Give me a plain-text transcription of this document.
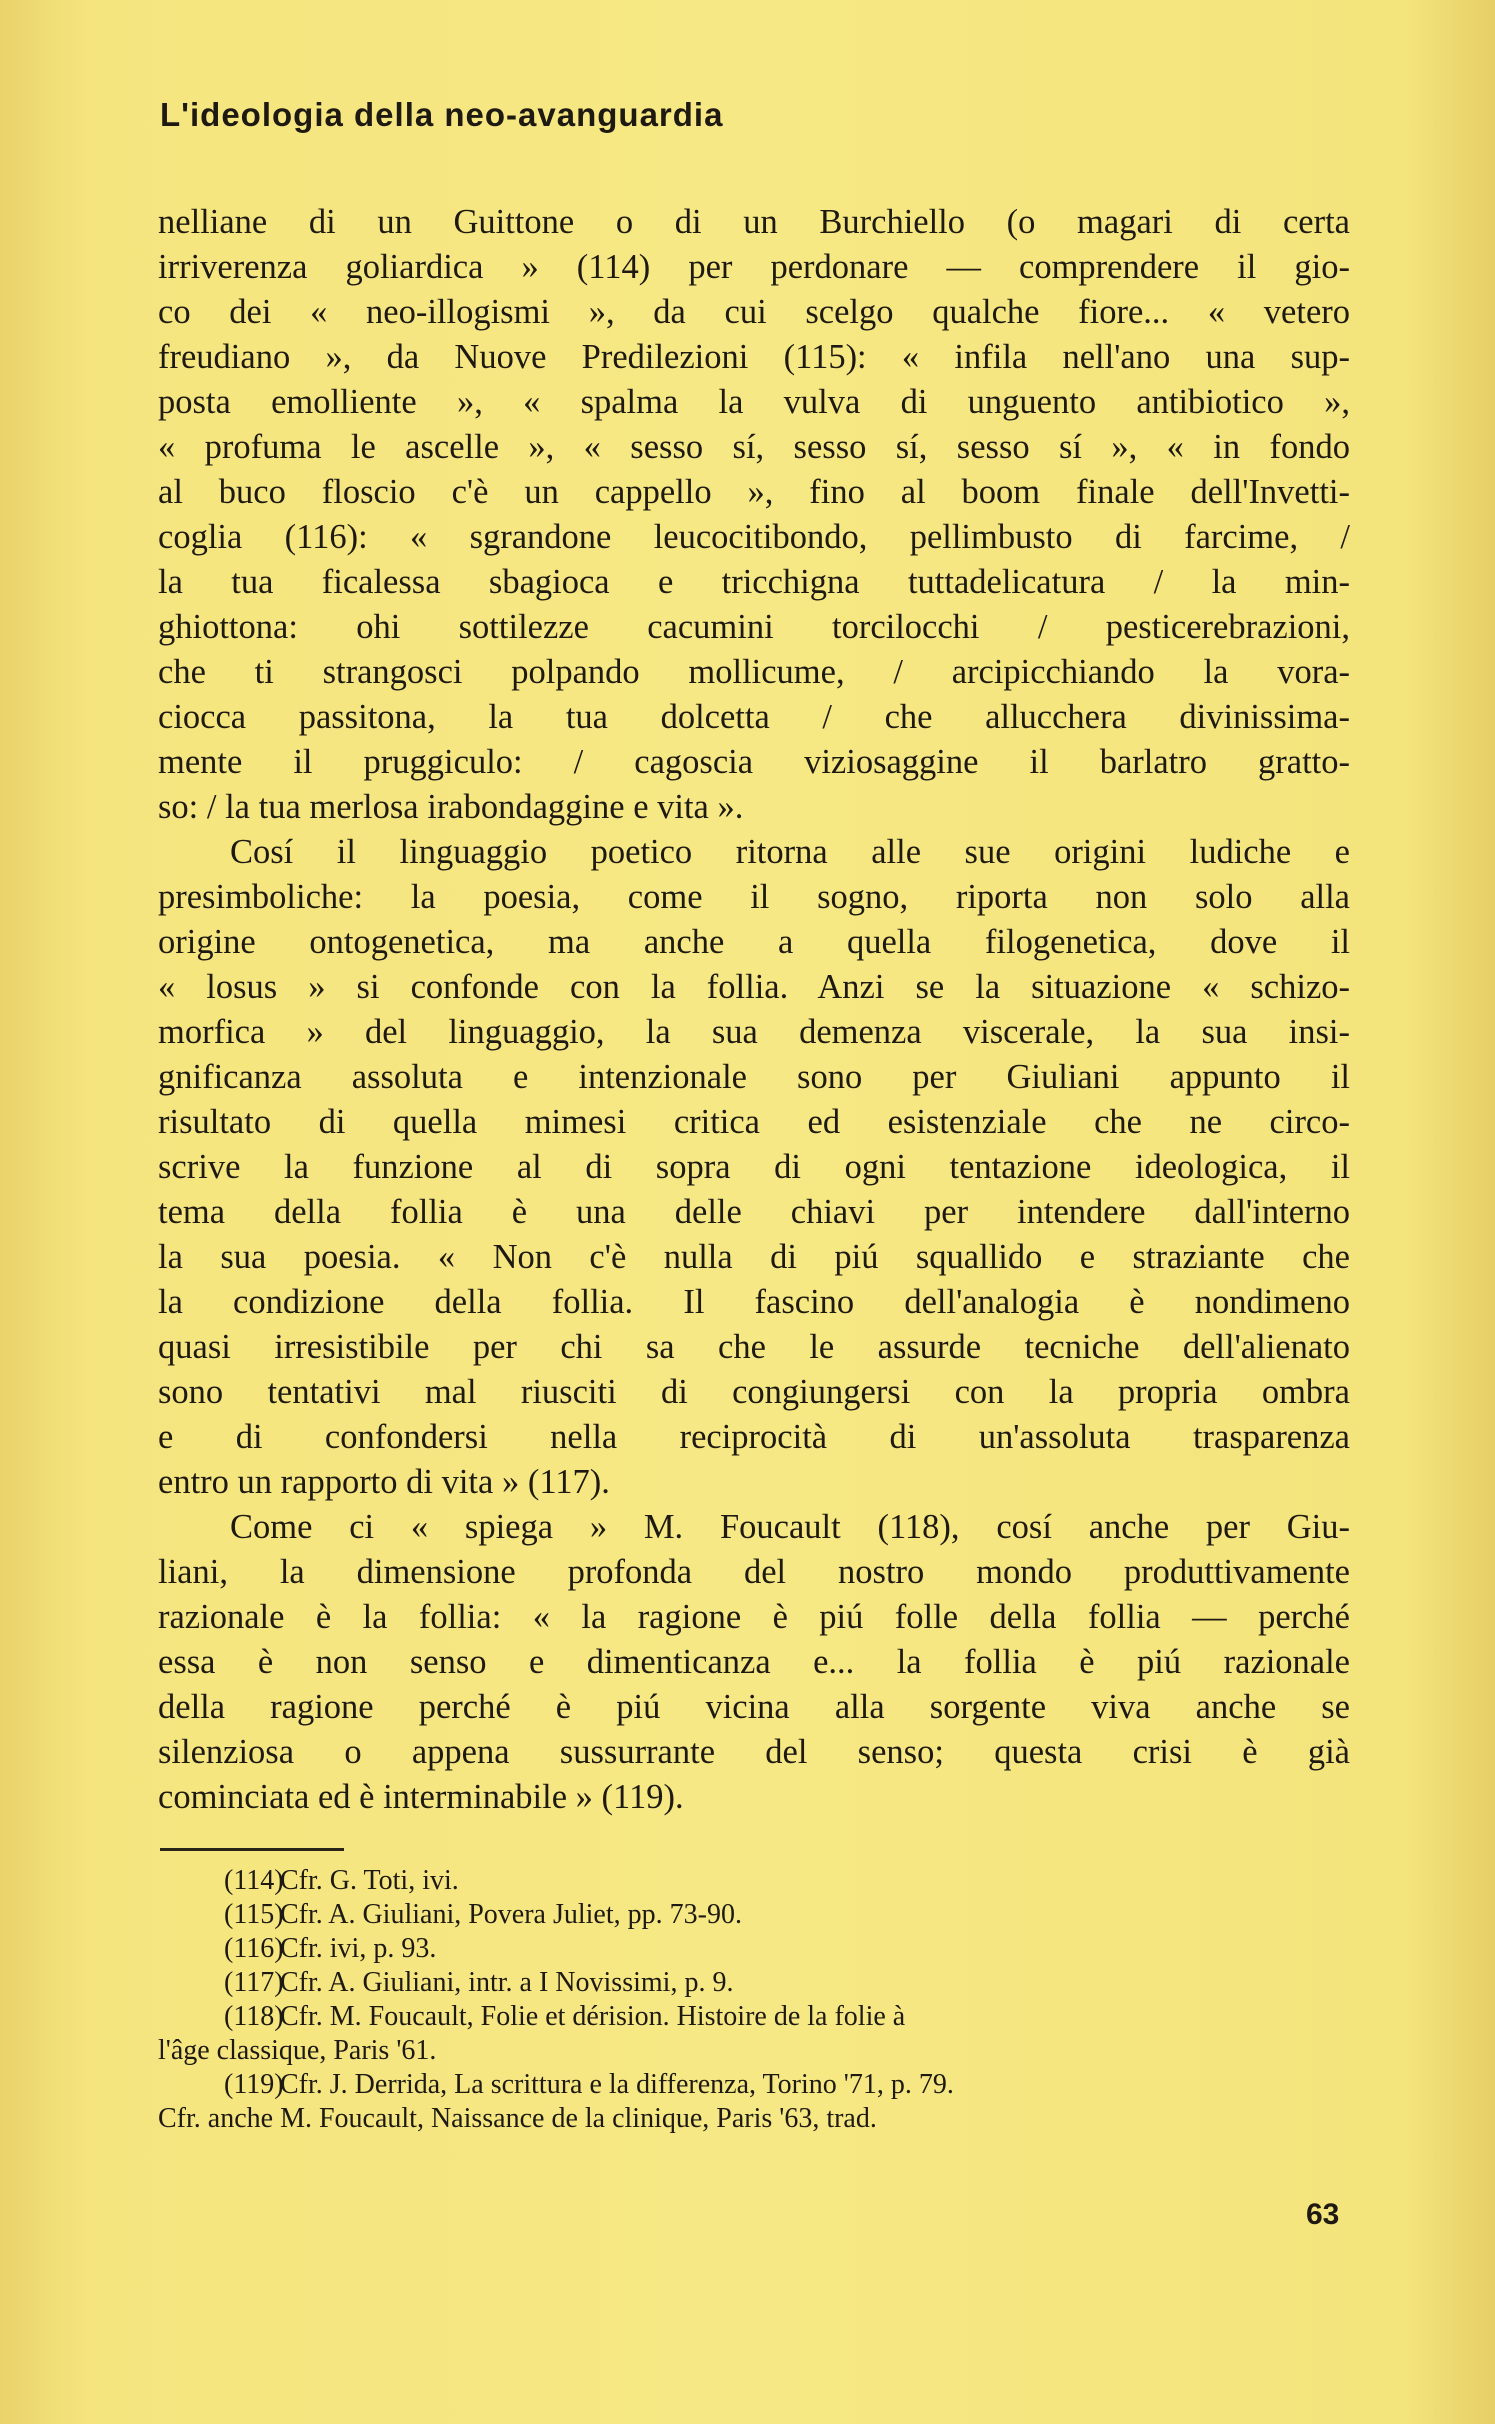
L'ideologia della neo-avanguardia
nelliane di un Guittone o di un Burchiello (o magari di certa
irriverenza goliardica » (114) per perdonare — comprendere il gio-
co dei « neo-illogismi », da cui scelgo qualche fiore... « vetero
freudiano », da Nuove Predilezioni (115): « infila nell'ano una sup-
posta emolliente », « spalma la vulva di unguento antibiotico »,
« profuma le ascelle », « sesso sí, sesso sí, sesso sí », « in fondo
al buco floscio c'è un cappello », fino al boom finale dell'Invetti-
coglia (116): « sgrandone leucocitibondo, pellimbusto di farcime, /
la tua ficalessa sbagioca e tricchigna tuttadelicatura / la min-
ghiottona: ohi sottilezze cacumini torcilocchi / pesticerebrazioni,
che ti strangosci polpando mollicume, / arcipicchiando la vora-
ciocca passitona, la tua dolcetta / che allucchera divinissima-
mente il pruggiculo: / cagoscia viziosaggine il barlatro gratto-
so: / la tua merlosa irabondaggine e vita ».
Cosí il linguaggio poetico ritorna alle sue origini ludiche e
presimboliche: la poesia, come il sogno, riporta non solo alla
origine ontogenetica, ma anche a quella filogenetica, dove il
« losus » si confonde con la follia. Anzi se la situazione « schizo-
morfica » del linguaggio, la sua demenza viscerale, la sua insi-
gnificanza assoluta e intenzionale sono per Giuliani appunto il
risultato di quella mimesi critica ed esistenziale che ne circo-
scrive la funzione al di sopra di ogni tentazione ideologica, il
tema della follia è una delle chiavi per intendere dall'interno
la sua poesia. « Non c'è nulla di piú squallido e straziante che
la condizione della follia. Il fascino dell'analogia è nondimeno
quasi irresistibile per chi sa che le assurde tecniche dell'alienato
sono tentativi mal riusciti di congiungersi con la propria ombra
e di confondersi nella reciprocità di un'assoluta trasparenza
entro un rapporto di vita » (117).
Come ci « spiega » M. Foucault (118), cosí anche per Giu-
liani, la dimensione profonda del nostro mondo produttivamente
razionale è la follia: « la ragione è piú folle della follia — perché
essa è non senso e dimenticanza e... la follia è piú razionale
della ragione perché è piú vicina alla sorgente viva anche se
silenziosa o appena sussurrante del senso; questa crisi è già
cominciata ed è interminabile » (119).
(114)Cfr. G. Toti, ivi.
(115)Cfr. A. Giuliani, Povera Juliet, pp. 73-90.
(116)Cfr. ivi, p. 93.
(117)Cfr. A. Giuliani, intr. a I Novissimi, p. 9.
(118)Cfr. M. Foucault, Folie et dérision. Histoire de la folie à
l'âge classique, Paris '61.
(119)Cfr. J. Derrida, La scrittura e la differenza, Torino '71, p. 79.
Cfr. anche M. Foucault, Naissance de la clinique, Paris '63, trad.
63
